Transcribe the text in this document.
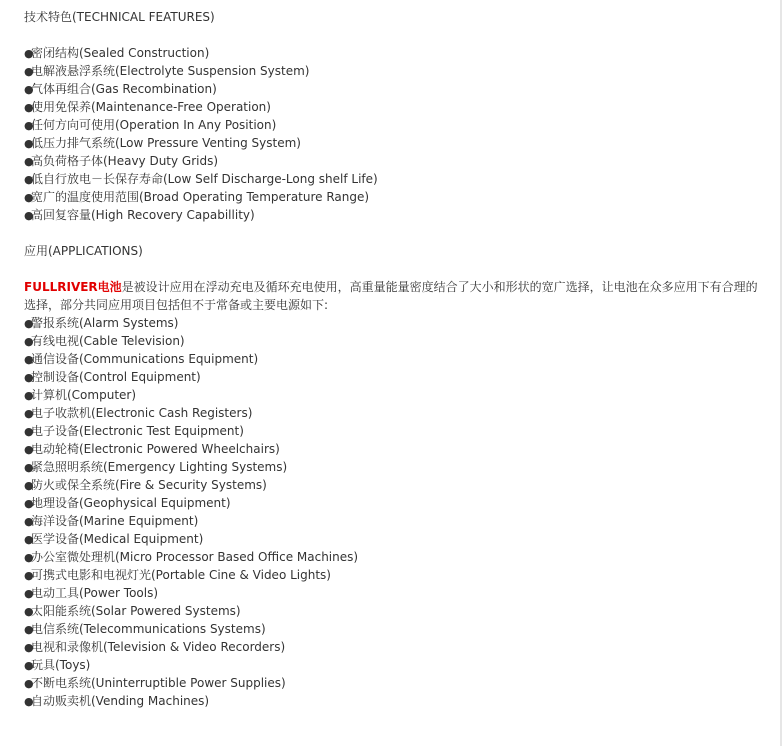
技术特色(TECHNICAL FEATURES)
●密闭结构(Sealed Construction)
●电解液悬浮系统(Electrolyte Suspension System)
●气体再组合(Gas Recombination)
●使用免保养(Maintenance-Free Operation)
●任何方向可使用(Operation In Any Position)
●低压力排气系统(Low Pressure Venting System)
●高负荷格子体(Heavy Duty Grids)
●低自行放电－长保存寿命(Low Self Discharge-Long shelf Life)
●宽广的温度使用范围(Broad Operating Temperature Range)
●高回复容量(High Recovery Capabillity)
应用(APPLICATIONS)
FULLRIVER电池是被设计应用在浮动充电及循环充电使用，高重量能量密度结合了大小和形状的宽广选择，让电池在众多应用下有合理的选择，部分共同应用项目包括但不于常备或主要电源如下:
●警报系统(Alarm Systems)
●有线电视(Cable Television)
●通信设备(Communications Equipment)
●控制设备(Control Equipment)
●计算机(Computer)
●电子收款机(Electronic Cash Registers)
●电子设备(Electronic Test Equipment)
●电动轮椅(Electronic Powered Wheelchairs)
●紧急照明系统(Emergency Lighting Systems)
●防火或保全系统(Fire & Security Systems)
●地理设备(Geophysical Equipment)
●海洋设备(Marine Equipment)
●医学设备(Medical Equipment)
●办公室微处理机(Micro Processor Based Office Machines)
●可携式电影和电视灯光(Portable Cine & Video Lights)
●电动工具(Power Tools)
●太阳能系统(Solar Powered Systems)
●电信系统(Telecommunications Systems)
●电视和录像机(Television & Video Recorders)
●玩具(Toys)
●不断电系统(Uninterruptible Power Supplies)
●自动贩卖机(Vending Machines)
